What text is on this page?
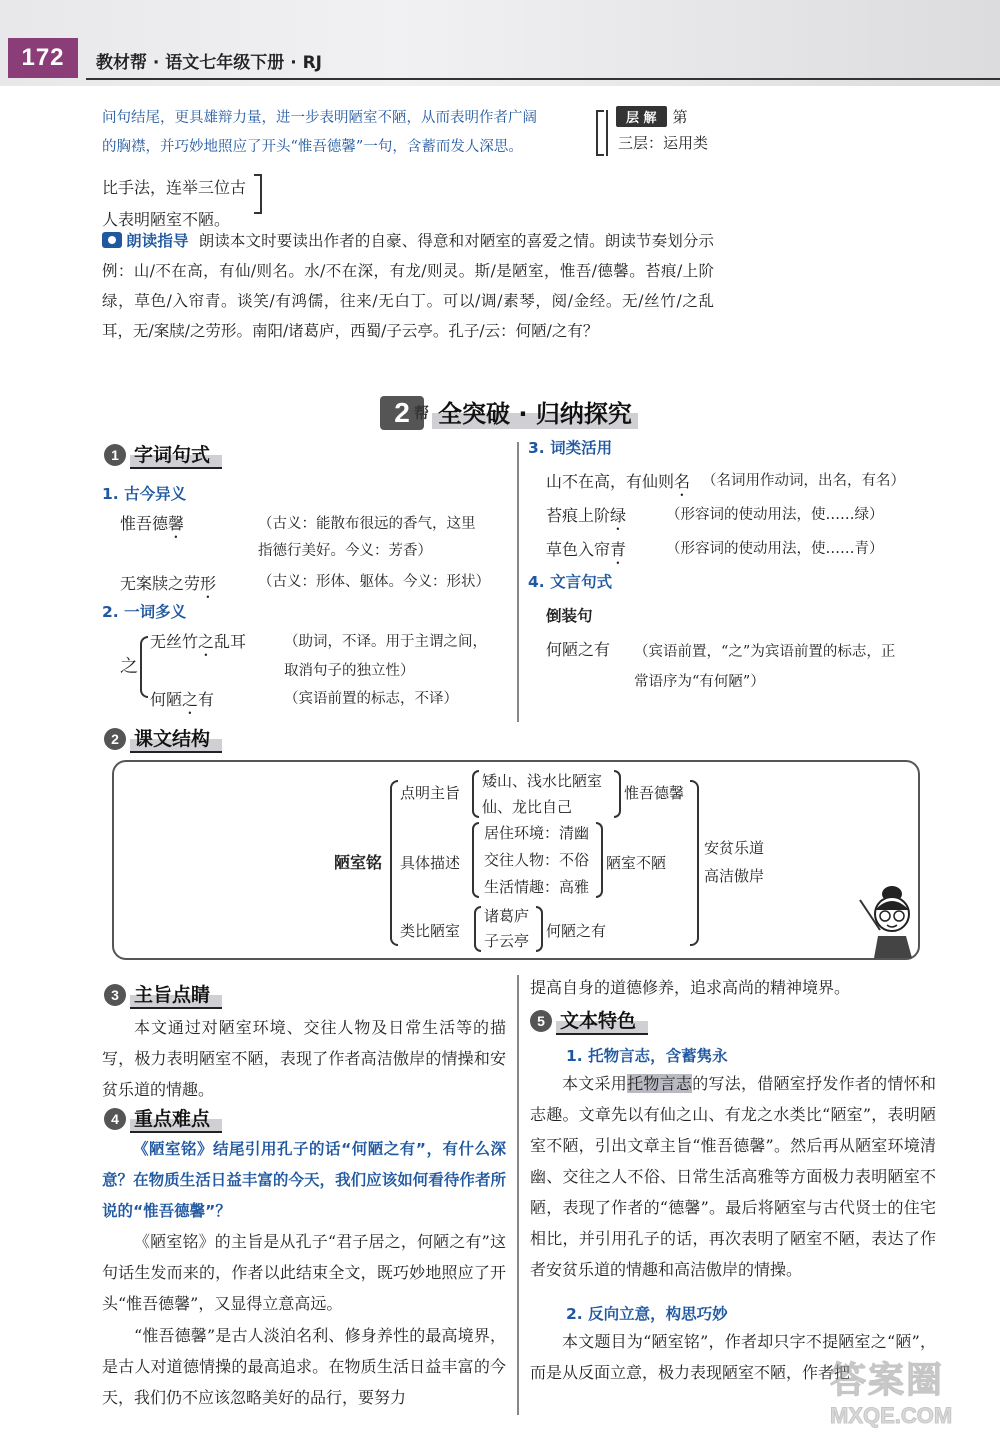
172	教材帮 · 语文七年级下册 · RJ
问句结尾，更具雄辩力量，进一步表明陋室不陋，从而表明作者广阔
的胸襟，并巧妙地照应了开头“惟吾德馨”一句，含蓄而发人深思。
层 解 第
三层：运用类
比手法，连举三位古
人表明陋室不陋。
朗读指导 朗读本文时要读出作者的自豪、得意和对陋室的喜爱之情。朗读节奏划分示例：山/不在高，有仙/则名。水/不在深，有龙/则灵。斯/是陋室，惟吾/德馨。苔痕/上阶绿，草色/入帘青。谈笑/有鸿儒，往来/无白丁。可以/调/素琴，阅/金经。无/丝竹/之乱耳，无/案牍/之劳形。南阳/诸葛庐，西蜀/子云亭。孔子/云：何陋/之有？
2 帮 全突破 · 归纳探究
1 字词句式
1. 古今异义
惟吾德馨	（古义：能散布很远的香气，这里
指德行美好。今义：芳香）
无案牍之劳形	（古义：形体、躯体。今义：形状）
2. 一词多义
之
无丝竹之乱耳	（助词，不译。用于主谓之间，
取消句子的独立性）
何陋之有	（宾语前置的标志，不译）
3. 词类活用
山不在高，有仙则名 （名词用作动词，出名，有名）
苔痕上阶绿	（形容词的使动用法，使……绿）
草色入帘青	（形容词的使动用法，使……青）
4. 文言句式
倒装句
何陋之有 （宾语前置，“之”为宾语前置的标志，正
常语序为“有何陋”）
2 课文结构
陋室铭
点明主旨
矮山、浅水比陋室
仙、龙比自己
惟吾德馨
具体描述
居住环境：清幽
交往人物：不俗
生活情趣：高雅
陋室不陋
类比陋室
诸葛庐
子云亭
何陋之有
安贫乐道
高洁傲岸
3 主旨点睛
本文通过对陋室环境、交往人物及日常生活等的描写，极力表明陋室不陋，表现了作者高洁傲岸的情操和安贫乐道的情趣。
4 重点难点
《陋室铭》结尾引用孔子的话“何陋之有”，有什么深意？在物质生活日益丰富的今天，我们应该如何看待作者所说的“惟吾德馨”？
《陋室铭》的主旨是从孔子“君子居之，何陋之有”这句话生发而来的，作者以此结束全文，既巧妙地照应了开头“惟吾德馨”，又显得立意高远。
“惟吾德馨”是古人淡泊名利、修身养性的最高境界，是古人对道德情操的最高追求。在物质生活日益丰富的今天，我们仍不应该忽略美好的品行，要努力
提高自身的道德修养，追求高尚的精神境界。
5 文本特色
1. 托物言志，含蓄隽永
本文采用托物言志的写法，借陋室抒发作者的情怀和志趣。文章先以有仙之山、有龙之水类比“陋室”，表明陋室不陋，引出文章主旨“惟吾德馨”。然后再从陋室环境清幽、交往之人不俗、日常生活高雅等方面极力表明陋室不陋，表现了作者的“德馨”。最后将陋室与古代贤士的住宅相比，并引用孔子的话，再次表明了陋室不陋，表达了作者安贫乐道的情趣和高洁傲岸的情操。
2. 反向立意，构思巧妙
本文题目为“陋室铭”，作者却只字不提陋室之“陋”，而是从反面立意，极力表现陋室不陋，作者把
答案圈
MXQE.COM
